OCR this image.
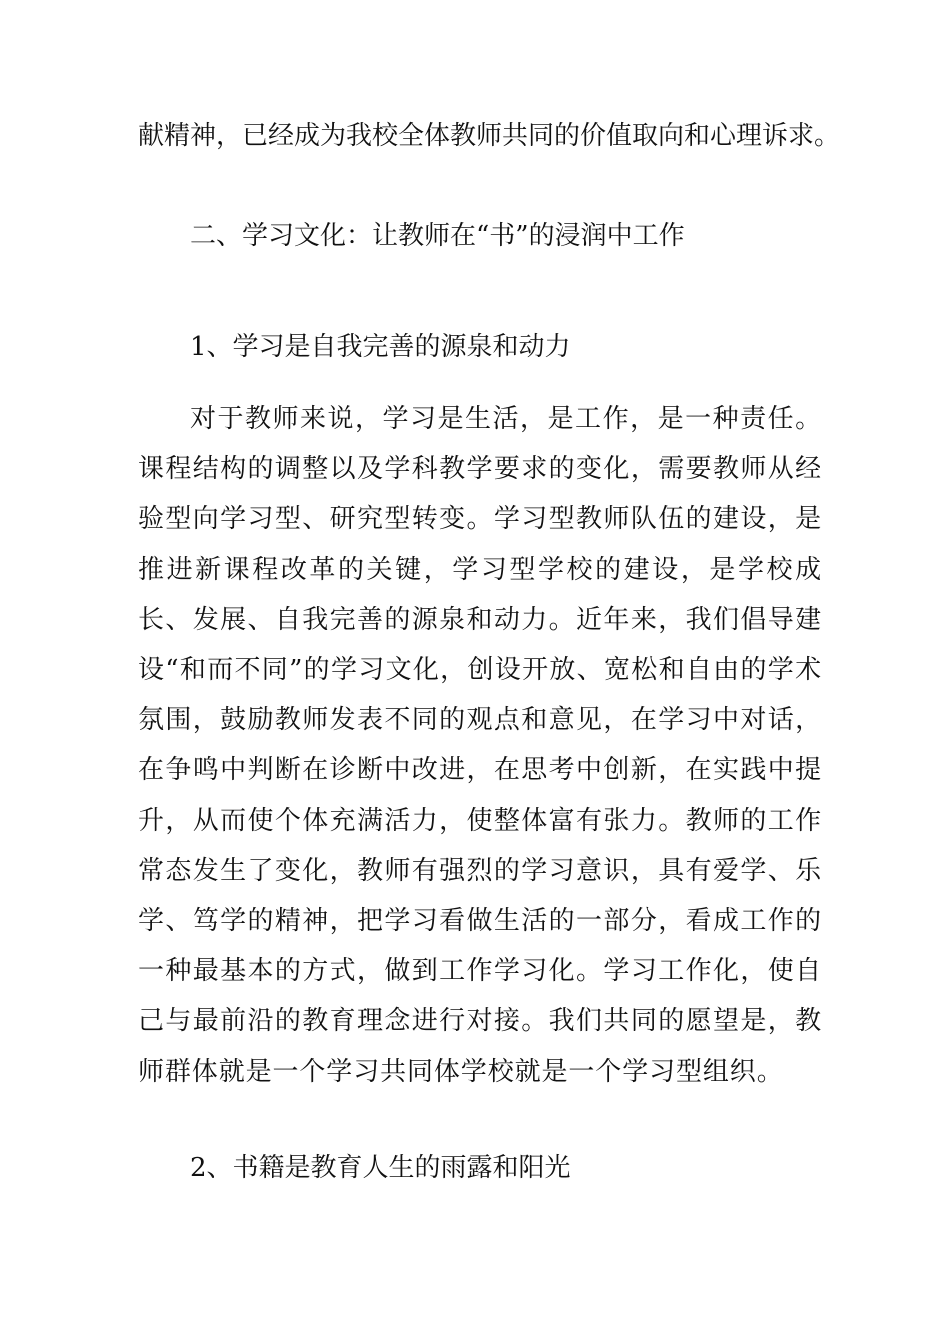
献精神，已经成为我校全体教师共同的价值取向和心理诉求。

二、学习文化：让教师在“书”的浸润中工作

1、学习是自我完善的源泉和动力

对于教师来说，学习是生活，是工作，是一种责任。课程结构的调整以及学科教学要求的变化，需要教师从经验型向学习型、研究型转变。学习型教师队伍的建设，是推进新课程改革的关键，学习型学校的建设，是学校成长、发展、自我完善的源泉和动力。近年来，我们倡导建设“和而不同”的学习文化，创设开放、宽松和自由的学术氛围，鼓励教师发表不同的观点和意见，在学习中对话，在争鸣中判断在诊断中改进，在思考中创新，在实践中提升，从而使个体充满活力，使整体富有张力。教师的工作常态发生了变化，教师有强烈的学习意识，具有爱学、乐学、笃学的精神，把学习看做生活的一部分，看成工作的一种最基本的方式，做到工作学习化。学习工作化，使自己与最前沿的教育理念进行对接。我们共同的愿望是，教师群体就是一个学习共同体学校就是一个学习型组织。

2、书籍是教育人生的雨露和阳光
